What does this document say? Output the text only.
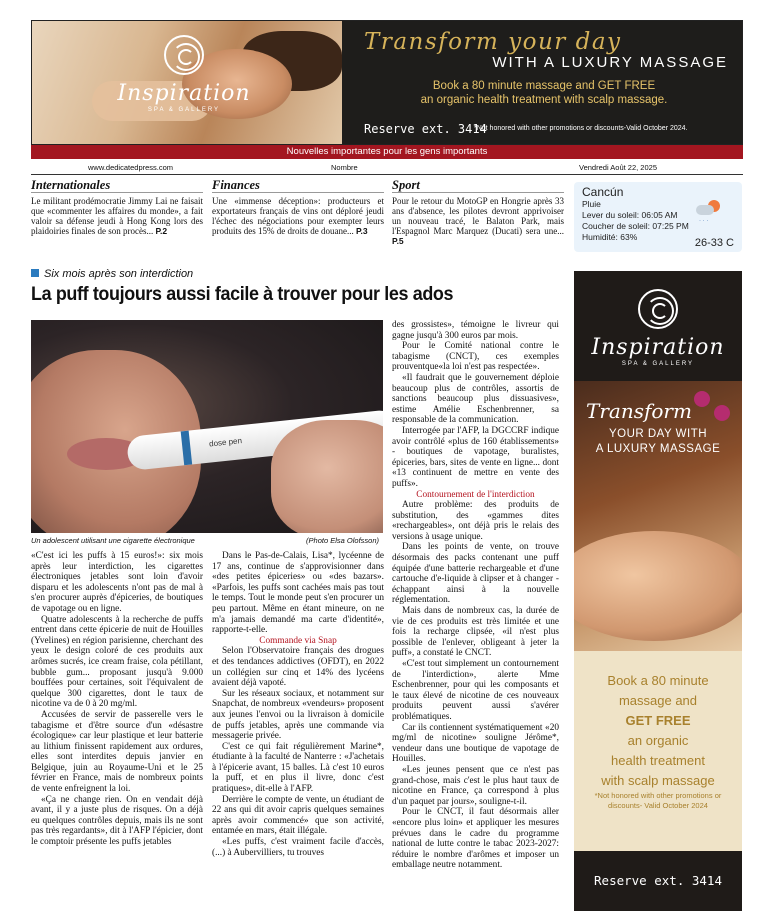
Inspiration
SPA & GALLERY
Transform your day
WITH A LUXURY MASSAGE
Book a 80 minute massage and GET FREE
an organic health treatment with scalp massage.
Reserve ext. 3414
*Not honored with other promotions or discounts-Valid October 2024.
Nouvelles importantes pour les gens importants
www.dedicatedpress.com	Nombre	Vendredi Août 22, 2025
Internationales
Le militant prodémocratie Jimmy Lai ne faisait que «commenter les affaires du monde», a fait valoir sa défense jeudi à Hong Kong lors des plaidoiries finales de son procès... P.2
Finances
Une «immense déception»: producteurs et exportateurs français de vins ont déploré jeudi l'échec des négociations pour exempter leurs produits des 15% de droits de douane... P.3
Sport
Pour le retour du MotoGP en Hongrie après 33 ans d'absence, les pilotes devront apprivoiser un nouveau tracé, le Balaton Park, mais l'Espagnol Marc Marquez (Ducati) sera une... P.5
Cancún
Pluie
Lever du soleil: 06:05 AM
Coucher de soleil: 07:25 PM
Humidité: 63%
· · ·
26-33 C
Six mois après son interdiction
La puff toujours aussi facile à trouver pour les ados
dose pen
Un adolescent utilisant une cigarette électronique	(Photo Elsa Olofsson)

«C'est ici les puffs à 15 euros!»: six mois après leur interdiction, les cigarettes électroniques jetables sont loin d'avoir disparu et les adolescents n'ont pas de mal à s'en procurer auprès d'épiceries, de boutiques de vapotage ou en ligne.

Quatre adolescents à la recherche de puffs entrent dans cette épicerie de nuit de Houilles (Yvelines) en région parisienne, cherchant des yeux le design coloré de ces produits aux arômes sucrés, ice cream fraise, cola pétillant, bubble gum... proposant jusqu'à 9.000 bouffées pour certaines, soit l'équivalent de quelque 300 cigarettes, dont le taux de nicotine va de 0 à 20 mg/ml.

Accusées de servir de passerelle vers le tabagisme et d'être source d'un «désastre écologique» car leur plastique et leur batterie au lithium finissent rapidement aux ordures, elles sont interdites depuis janvier en Belgique, juin au Royaume-Uni et le 25 février en France, mais de nombreux points de vente enfreignent la loi.

«Ça ne change rien. On en vendait déjà avant, il y a juste plus de risques. On a déjà eu quelques contrôles depuis, mais ils ne sont pas très regardants», dit à l'AFP l'épicier, dont le comptoir présente les puffs jetables

Dans le Pas-de-Calais, Lisa*, lycéenne de 17 ans, continue de s'approvisionner dans «des petites épiceries» ou «des bazars». «Parfois, les puffs sont cachées mais pas tout le temps. Tout le monde peut s'en procurer un peu partout. Même en étant mineure, on ne m'a jamais demandé ma carte d'identité», rapporte-t-elle.

Commande via Snap

Selon l'Observatoire français des drogues et des tendances addictives (OFDT), en 2022 un collégien sur cinq et 14% des lycéens avaient déjà vapoté.

Sur les réseaux sociaux, et notamment sur Snapchat, de nombreux «vendeurs» proposent aux jeunes l'envoi ou la livraison à domicile de puffs jetables, après une commande via messagerie privée.

C'est ce qui fait régulièrement Marine*, étudiante à la faculté de Nanterre : «J'achetais à l'épicerie avant, 15 balles. Là c'est 10 euros la puff, et en plus il livre, donc c'est pratiques», dit-elle à l'AFP.

Derrière le compte de vente, un étudiant de 22 ans qui dit avoir capris quelques semaines après avoir commencé» que son activité, entamée en mars, était illégale.

«Les puffs, c'est vraiment facile d'accès, (...) à Aubervilliers, tu trouves

des grossistes», témoigne le livreur qui gagne jusqu'à 300 euros par mois.

Pour le Comité national contre le tabagisme (CNCT), ces exemples prouventque«la loi n'est pas respectée».

«Il faudrait que le gouvernement déploie beaucoup plus de contrôles, assortis de sanctions beaucoup plus dissuasives», estime Amélie Eschenbrenner, sa responsable de la communication.

Interrogée par l'AFP, la DGCCRF indique avoir contrôlé «plus de 160 établissements» - boutiques de vapotage, buralistes, épiceries, bars, sites de vente en ligne... dont «13 continuent de mettre en vente des puffs».

Contournement de l'interdiction

Autre problème: des produits de substitution, des «gammes dites «rechargeables», ont déjà pris le relais des versions à usage unique.

Dans les points de vente, on trouve désormais des packs contenant une puff équipée d'une batterie rechargeable et d'une cartouche d'e-liquide à clipser et à changer - échappant ainsi à la nouvelle réglementation.

Mais dans de nombreux cas, la durée de vie de ces produits est très limitée et une fois la recharge clipsée, «il n'est plus possible de l'enlever, obligeant à jeter la puff», a constaté le CNCT.

«C'est tout simplement un contournement de l'interdiction», alerte Mme Eschenbrenner, pour qui les composants et le taux élevé de nicotine de ces nouveaux produits peuvent aussi s'avérer problématiques.

Car ils contiennent systématiquement «20 mg/ml de nicotine» souligne Jérôme*, vendeur dans une boutique de vapotage de Houilles.

«Les jeunes pensent que ce n'est pas grand-chose, mais c'est le plus haut taux de nicotine en France, ça correspond à plus d'un paquet par jours», souligne-t-il.

Pour le CNCT, il faut désormais aller «encore plus loin» et appliquer les mesures prévues dans le cadre du programme national de lutte contre le tabac 2023-2027: réduire le nombre d'arômes et imposer un emballage neutre notamment.

Inspiration
SPA & GALLERY
Transform
YOUR DAY WITH
A LUXURY MASSAGE
Book a 80 minute
massage and
GET FREE
an organic
health treatment
with scalp massage
*Not honored with other promotions or discounts- Valid October 2024
Reserve ext. 3414
